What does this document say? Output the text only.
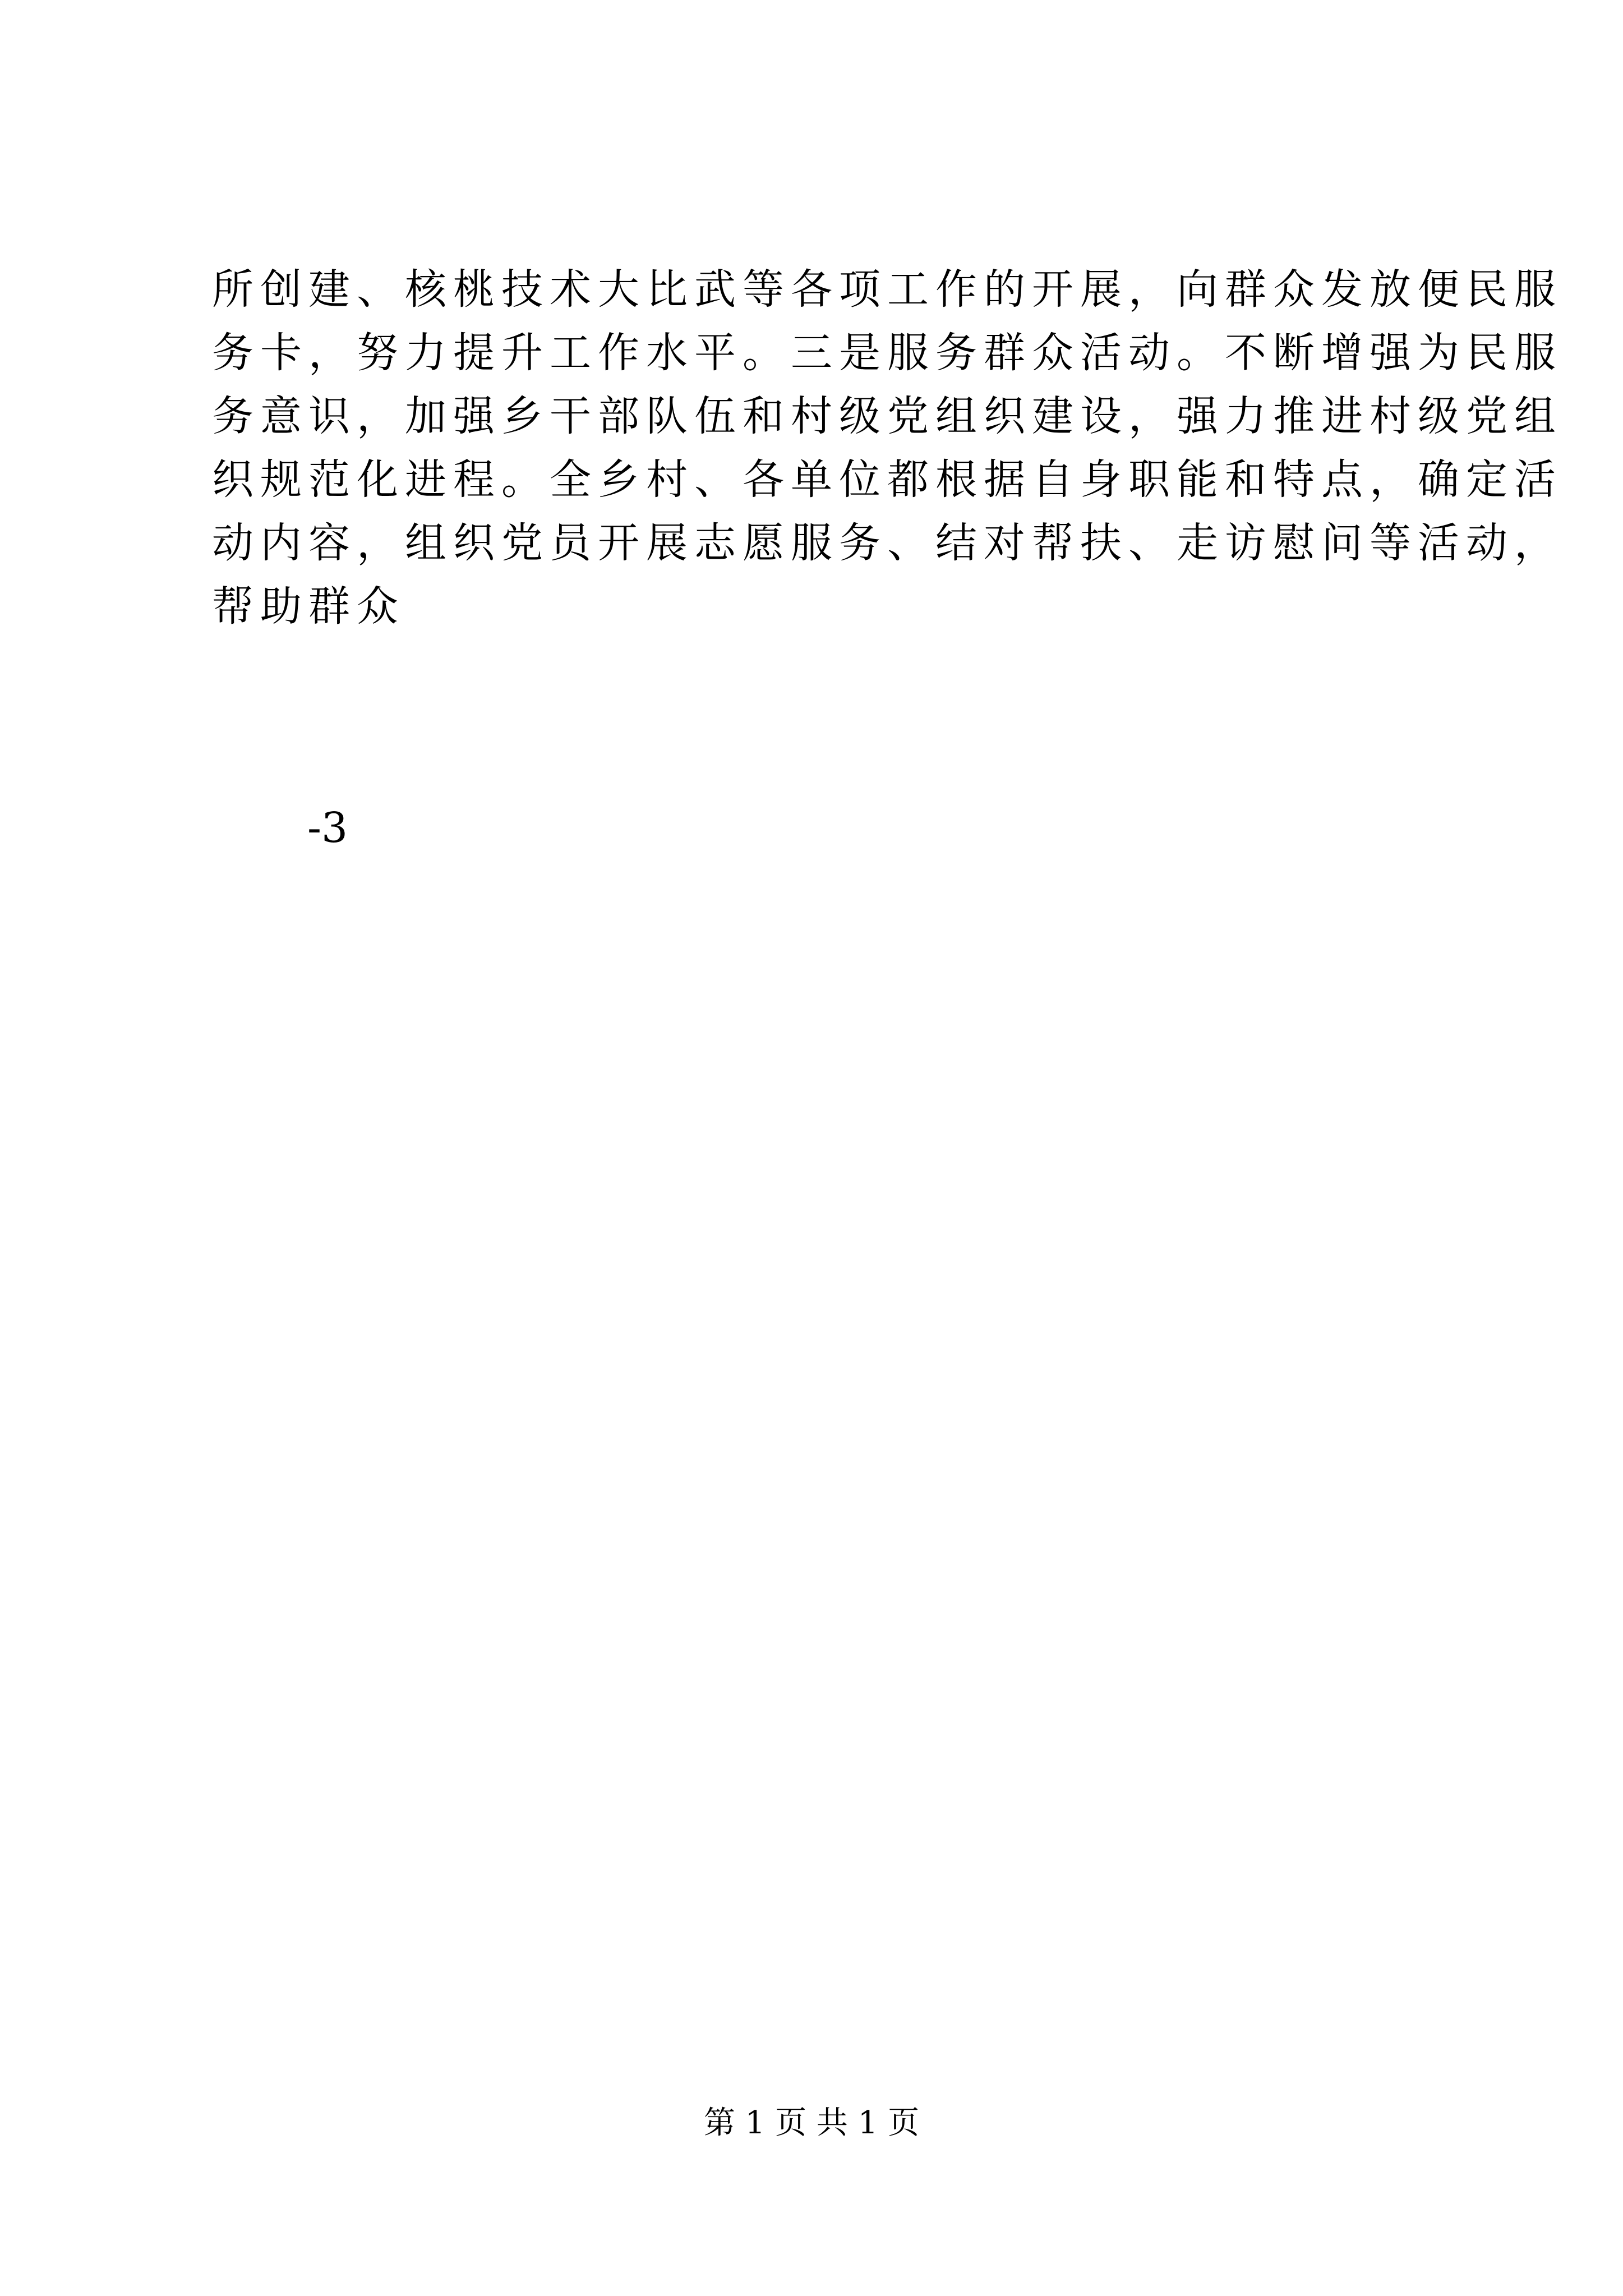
所创建、核桃技术大比武等各项工作的开展，向群众发放便民服
务卡，努力提升工作水平。三是服务群众活动。不断增强为民服
务意识，加强乡干部队伍和村级党组织建设，强力推进村级党组
织规范化进程。全乡村、各单位都根据自身职能和特点，确定活
动内容，组织党员开展志愿服务、结对帮扶、走访慰问等活动，
帮助群众
-3
第 1 页 共 1 页
